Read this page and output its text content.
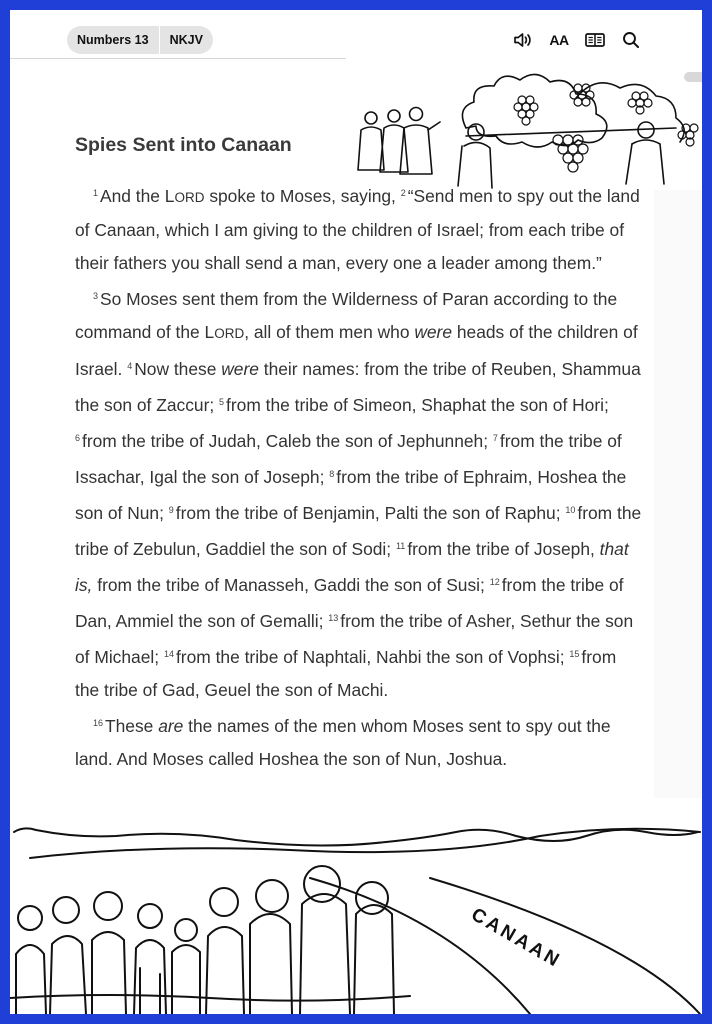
Numbers 13	NKJV	AA
Spies Sent into Canaan

$^1$ And the LORD spoke to Moses, saying, $^2$ “Send men to spy out the land of Canaan, which I am giving to the children of Israel; from each tribe of their fathers you shall send a man, every one a leader among them.”

$^3$ So Moses sent them from the Wilderness of Paran according to the command of the LORD, all of them men who were heads of the children of Israel. $^4$ Now these were their names: from the tribe of Reuben, Shammua the son of Zaccur; $^5$ from the tribe of Simeon, Shaphat the son of Hori; $^6$ from the tribe of Judah, Caleb the son of Jephunneh; $^7$ from the tribe of Issachar, Igal the son of Joseph; $^8$ from the tribe of Ephraim, Hoshea the son of Nun; $^9$ from the tribe of Benjamin, Palti the son of Raphu; $^{10}$ from the tribe of Zebulun, Gaddiel the son of Sodi; $^{11}$ from the tribe of Joseph, that is, from the tribe of Manasseh, Gaddi the son of Susi; $^{12}$ from the tribe of Dan, Ammiel the son of Gemalli; $^{13}$ from the tribe of Asher, Sethur the son of Michael; $^{14}$ from the tribe of Naphtali, Nahbi the son of Vophsi; $^{15}$ from the tribe of Gad, Geuel the son of Machi.

$^{16}$ These are the names of the men whom Moses sent to spy out the land. And Moses called Hoshea the son of Nun, Joshua.

CANAAN
